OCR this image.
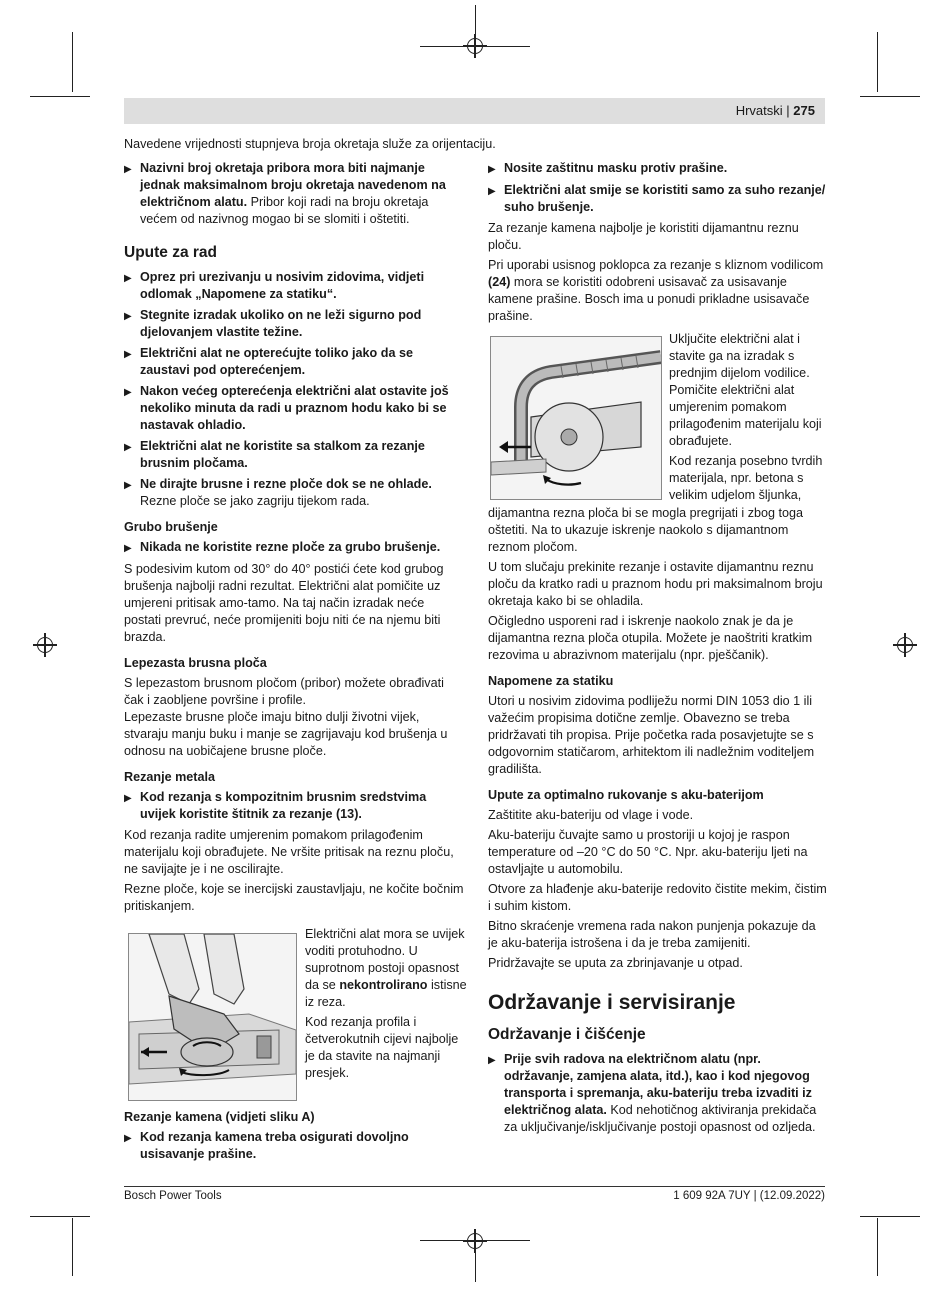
Hrvatski | 275

Navedene vrijednosti stupnjeva broja okretaja služe za orijentaciju.

▶ Nazivni broj okretaja pribora mora biti najmanje jednak maksimalnom broju okretaja navedenom na električnom alatu. Pribor koji radi na broju okretaja većem od nazivnog mogao bi se slomiti i oštetiti.
Upute za rad
▶ Oprez pri urezivanju u nosivim zidovima, vidjeti odlomak „Napomene za statiku“.
▶ Stegnite izradak ukoliko on ne leži sigurno pod djelovanjem vlastite težine.
▶ Električni alat ne opterećujte toliko jako da se zaustavi pod opterećenjem.
▶ Nakon većeg opterećenja električni alat ostavite još nekoliko minuta da radi u praznom hodu kako bi se nastavak ohladio.
▶ Električni alat ne koristite sa stalkom za rezanje brusnim pločama.
▶ Ne dirajte brusne i rezne ploče dok se ne ohlade.
Rezne ploče se jako zagriju tijekom rada.
Grubo brušenje
▶ Nikada ne koristite rezne ploče za grubo brušenje.

S podesivim kutom od 30° do 40° postići ćete kod grubog brušenja najbolji radni rezultat. Električni alat pomičite uz umjereni pritisak amo-tamo. Na taj način izradak neće postati prevruć, neće promijeniti boju niti će na njemu biti brazda.

Lepezasta brusna ploča

S lepezastom brusnom pločom (pribor) možete obrađivati čak i zaobljene površine i profile.

Lepezaste brusne ploče imaju bitno dulji životni vijek, stvaraju manju buku i manje se zagrijavaju kod brušenja u odnosu na uobičajene brusne ploče.

Rezanje metala
▶ Kod rezanja s kompozitnim brusnim sredstvima uvijek koristite štitnik za rezanje (13).

Kod rezanja radite umjerenim pomakom prilagođenim materijalu koji obrađujete. Ne vršite pritisak na reznu ploču, ne savijajte je i ne oscilirajte.

Rezne ploče, koje se inercijski zaustavljaju, ne kočite bočnim pritiskanjem.

Električni alat mora se uvijek voditi protuhodno. U suprotnom postoji opasnost da se nekontrolirano istisne iz reza.

Kod rezanja profila i četverokutnih cijevi najbolje je da stavite na najmanji presjek.

Rezanje kamena (vidjeti sliku A)
▶ Kod rezanja kamena treba osigurati dovoljno usisavanje prašine.
▶ Nosite zaštitnu masku protiv prašine.
▶ Električni alat smije se koristiti samo za suho rezanje/ suho brušenje.

Za rezanje kamena najbolje je koristiti dijamantnu reznu ploču.

Pri uporabi usisnog poklopca za rezanje s kliznom vodilicom (24) mora se koristiti odobreni usisavač za usisavanje kamene prašine. Bosch ima u ponudi prikladne usisavače prašine.

Uključite električni alat i stavite ga na izradak s prednjim dijelom vodilice. Pomičite električni alat umjerenim pomakom prilagođenim materijalu koji obrađujete.

Kod rezanja posebno tvrdih materijala, npr. betona s velikim udjelom šljunka,

dijamantna rezna ploča bi se mogla pregrijati i zbog toga oštetiti. Na to ukazuje iskrenje naokolo s dijamantnom reznom pločom.

U tom slučaju prekinite rezanje i ostavite dijamantnu reznu ploču da kratko radi u praznom hodu pri maksimalnom broju okretaja kako bi se ohladila.

Očigledno usporeni rad i iskrenje naokolo znak je da je dijamantna rezna ploča otupila. Možete je naoštriti kratkim rezovima u abrazivnom materijalu (npr. pješčanik).

Napomene za statiku

Utori u nosivim zidovima podliježu normi DIN 1053 dio 1 ili važećim propisima dotične zemlje. Obavezno se treba pridržavati tih propisa. Prije početka rada posavjetujte se s odgovornim statičarom, arhitektom ili nadležnim voditeljem gradilišta.

Upute za optimalno rukovanje s aku-baterijom

Zaštitite aku-bateriju od vlage i vode.

Aku-bateriju čuvajte samo u prostoriji u kojoj je raspon temperature od –20 °C do 50 °C. Npr. aku-bateriju ljeti na ostavljajte u automobilu.

Otvore za hlađenje aku-baterije redovito čistite mekim, čistim i suhim kistom.

Bitno skraćenje vremena rada nakon punjenja pokazuje da je aku-baterija istrošena i da je treba zamijeniti.

Pridržavajte se uputa za zbrinjavanje u otpad.

Održavanje i servisiranje
Održavanje i čišćenje
▶ Prije svih radova na električnom alatu (npr. održavanje, zamjena alata, itd.), kao i kod njegovog transporta i spremanja, aku-bateriju treba izvaditi iz električnog alata. Kod nehotičnog aktiviranja prekidača za uključivanje/isključivanje postoji opasnost od ozljeda.
Bosch Power Tools	1 609 92A 7UY | (12.09.2022)
